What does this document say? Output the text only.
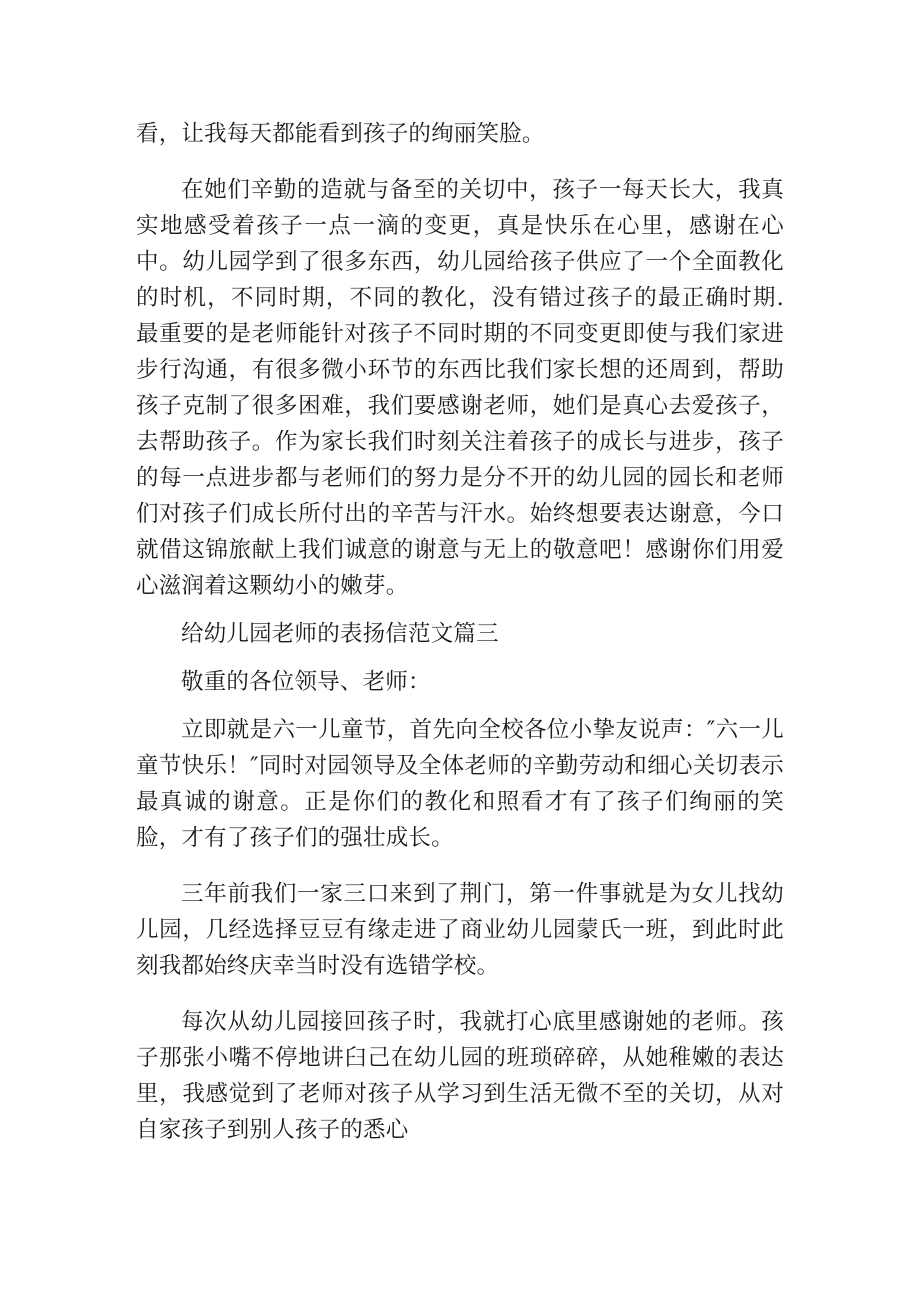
看，让我每天都能看到孩子的绚丽笑脸。

在她们辛勤的造就与备至的关切中，孩子一每天长大，我真实地感受着孩子一点一滴的变更，真是快乐在心里，感谢在心中。幼儿园学到了很多东西，幼儿园给孩子供应了一个全面教化的时机，不同时期，不同的教化，没有错过孩子的最正确时期. 最重要的是老师能针对孩子不同时期的不同变更即使与我们家进步行沟通，有很多微小环节的东西比我们家长想的还周到，帮助孩子克制了很多困难，我们要感谢老师，她们是真心去爱孩子，去帮助孩子。作为家长我们时刻关注着孩子的成长与进步，孩子的每一点进步都与老师们的努力是分不开的幼儿园的园长和老师们对孩子们成长所付出的辛苦与汗水。始终想要表达谢意，今口就借这锦旅献上我们诚意的谢意与无上的敬意吧！感谢你们用爱心滋润着这颗幼小的嫩芽。

给幼儿园老师的表扬信范文篇三

敬重的各位领导、老师：

立即就是六一儿童节，首先向全校各位小挚友说声：″六一儿童节快乐！″同时对园领导及全体老师的辛勤劳动和细心关切表示最真诚的谢意。正是你们的教化和照看才有了孩子们绚丽的笑脸，才有了孩子们的强壮成长。

三年前我们一家三口来到了荆门，第一件事就是为女儿找幼儿园，几经选择豆豆有缘走进了商业幼儿园蒙氏一班，到此时此刻我都始终庆幸当时没有选错学校。

每次从幼儿园接回孩子时，我就打心底里感谢她的老师。孩子那张小嘴不停地讲臼己在幼儿园的班琐碎碎，从她稚嫩的表达里，我感觉到了老师对孩子从学习到生活无微不至的关切，从对自家孩子到别人孩子的悉心
